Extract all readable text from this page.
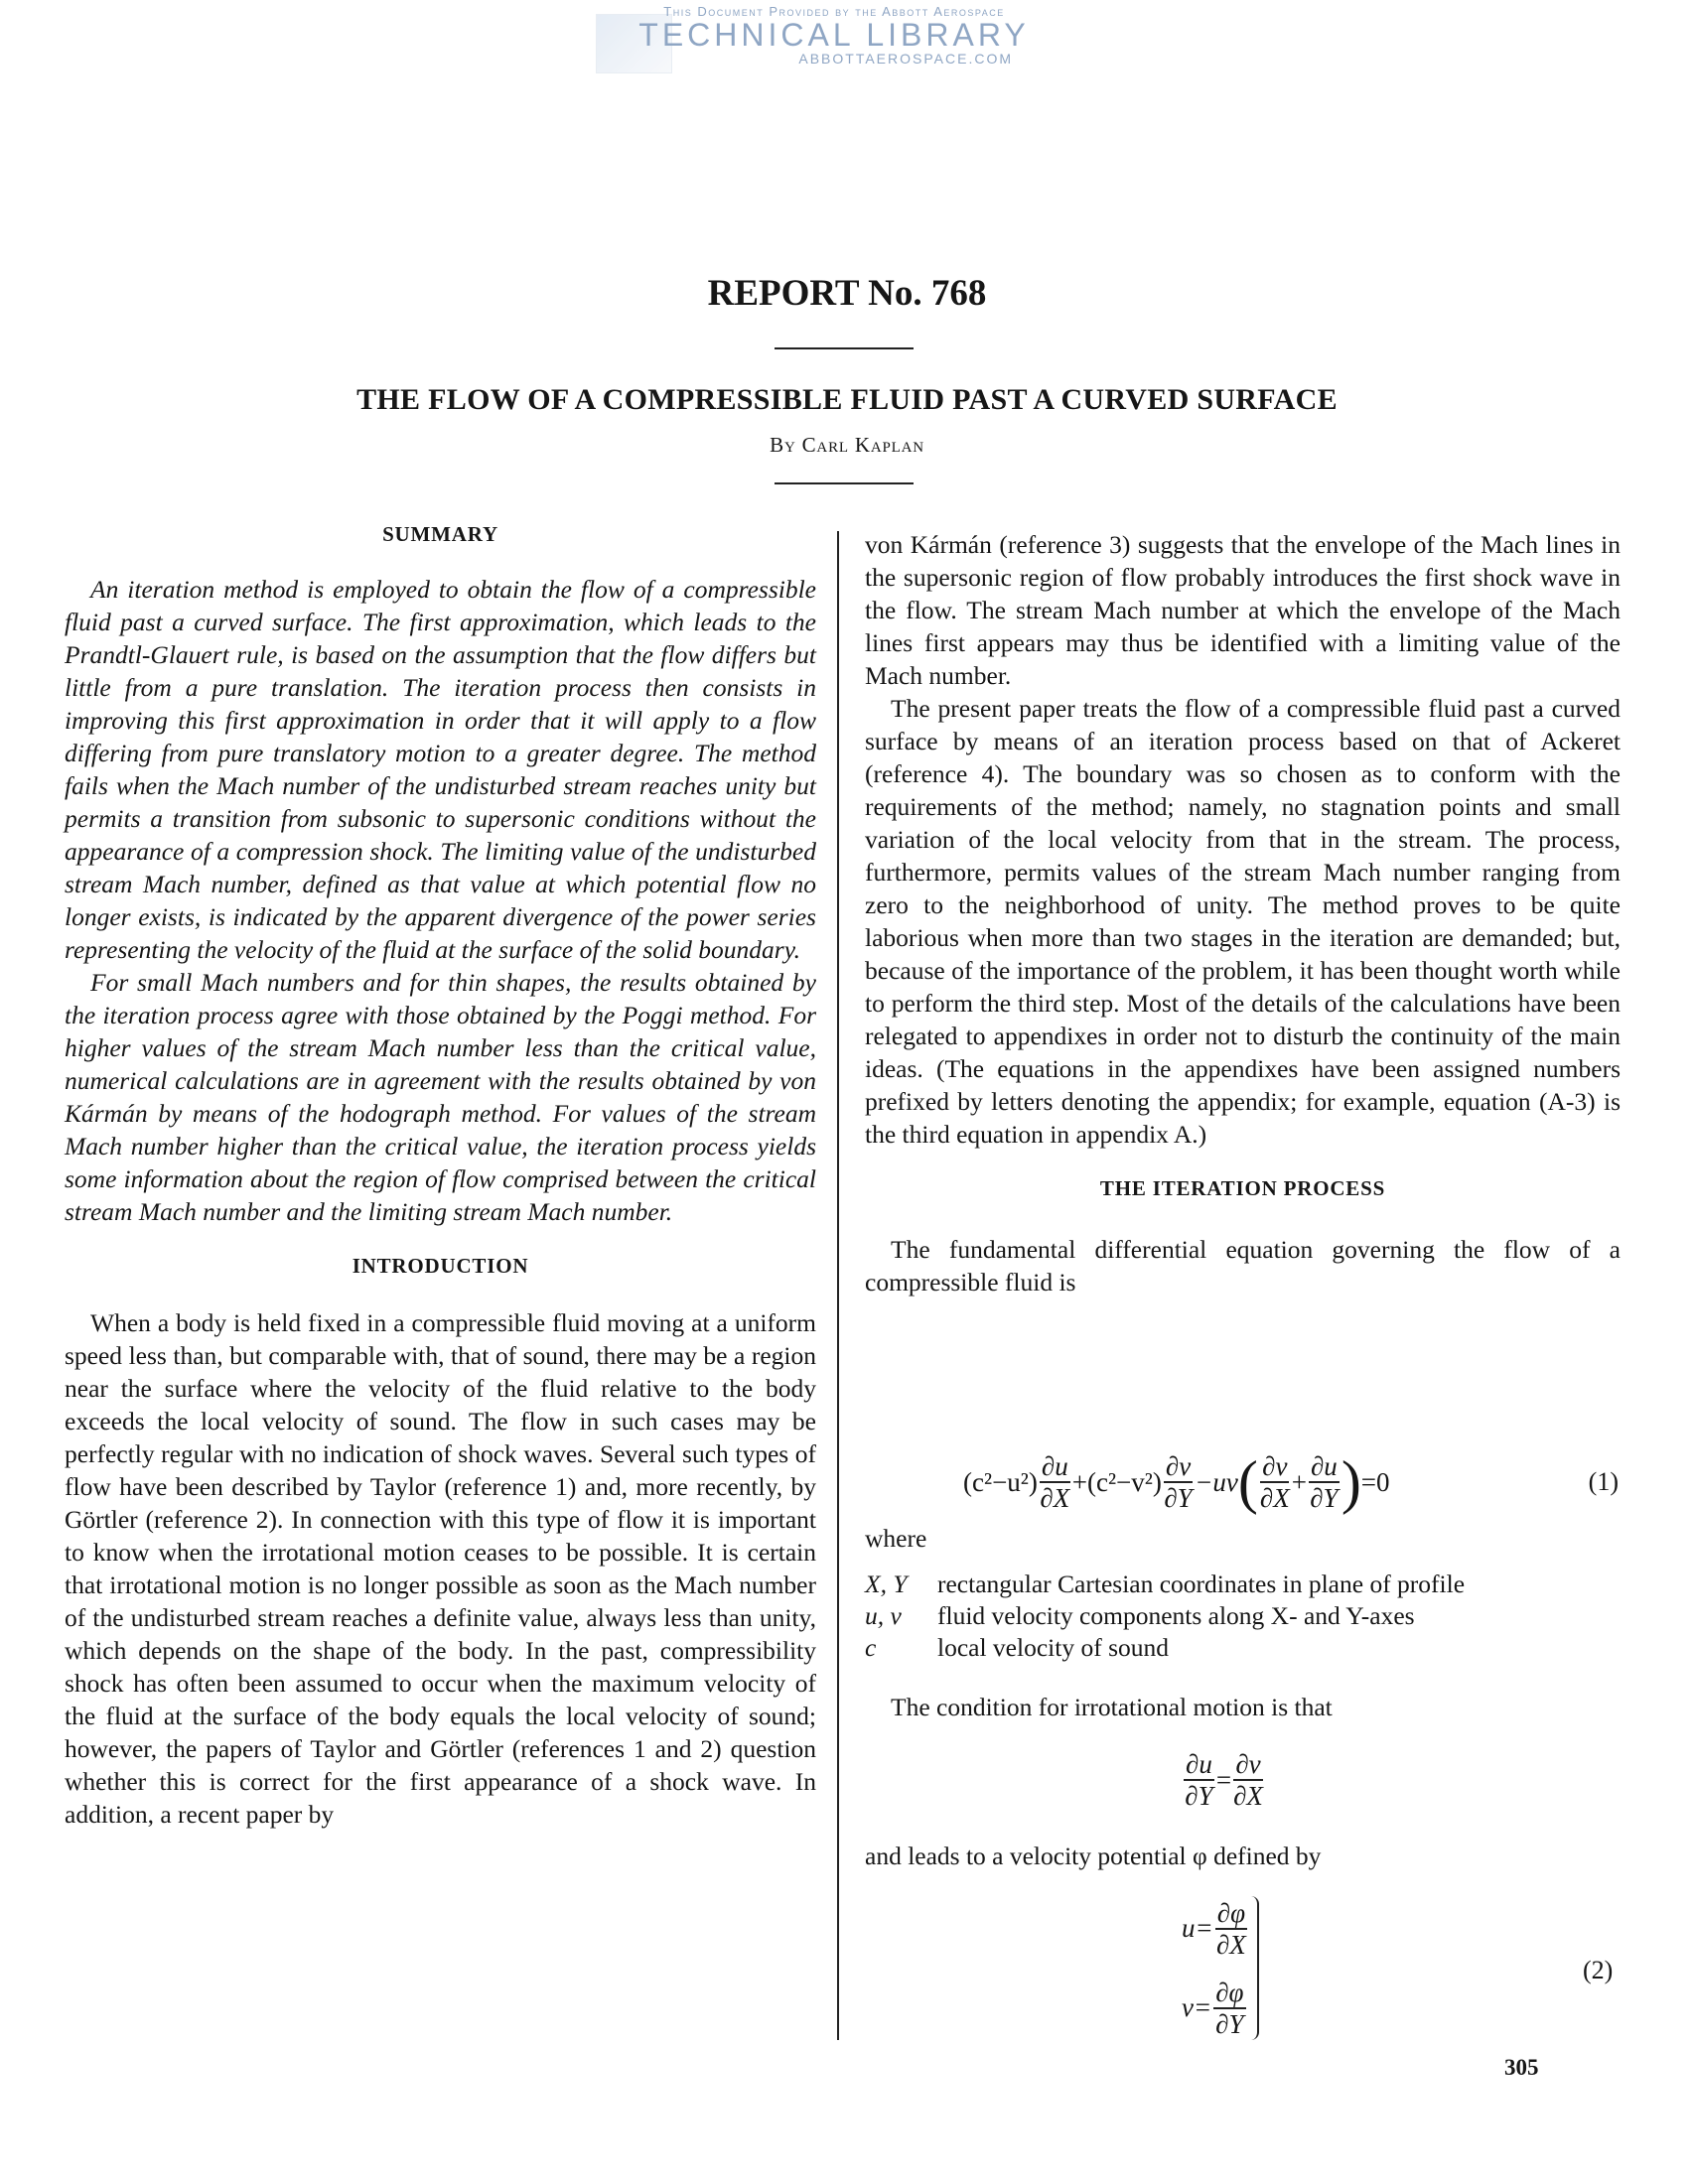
This Document Provided by the Abbott Aerospace
TECHNICAL LIBRARY
ABBOTTAEROSPACE.COM
REPORT No. 768
THE FLOW OF A COMPRESSIBLE FLUID PAST A CURVED SURFACE
By Carl Kaplan
SUMMARY

An iteration method is employed to obtain the flow of a compressible fluid past a curved surface. The first approximation, which leads to the Prandtl-Glauert rule, is based on the assumption that the flow differs but little from a pure translation. The iteration process then consists in improving this first approximation in order that it will apply to a flow differing from pure translatory motion to a greater degree. The method fails when the Mach number of the undisturbed stream reaches unity but permits a transition from subsonic to supersonic conditions without the appearance of a compression shock. The limiting value of the undisturbed stream Mach number, defined as that value at which potential flow no longer exists, is indicated by the apparent divergence of the power series representing the velocity of the fluid at the surface of the solid boundary.

For small Mach numbers and for thin shapes, the results obtained by the iteration process agree with those obtained by the Poggi method. For higher values of the stream Mach number less than the critical value, numerical calculations are in agreement with the results obtained by von Kármán by means of the hodograph method. For values of the stream Mach number higher than the critical value, the iteration process yields some information about the region of flow comprised between the critical stream Mach number and the limiting stream Mach number.

INTRODUCTION

When a body is held fixed in a compressible fluid moving at a uniform speed less than, but comparable with, that of sound, there may be a region near the surface where the velocity of the fluid relative to the body exceeds the local velocity of sound. The flow in such cases may be perfectly regular with no indication of shock waves. Several such types of flow have been described by Taylor (reference 1) and, more recently, by Görtler (reference 2). In connection with this type of flow it is important to know when the irrotational motion ceases to be possible. It is certain that irrotational motion is no longer possible as soon as the Mach number of the undisturbed stream reaches a definite value, always less than unity, which depends on the shape of the body. In the past, compressibility shock has often been assumed to occur when the maximum velocity of the fluid at the surface of the body equals the local velocity of sound; however, the papers of Taylor and Görtler (references 1 and 2) question whether this is correct for the first appearance of a shock wave. In addition, a recent paper by

von Kármán (reference 3) suggests that the envelope of the Mach lines in the supersonic region of flow probably introduces the first shock wave in the flow. The stream Mach number at which the envelope of the Mach lines first appears may thus be identified with a limiting value of the Mach number.

The present paper treats the flow of a compressible fluid past a curved surface by means of an iteration process based on that of Ackeret (reference 4). The boundary was so chosen as to conform with the requirements of the method; namely, no stagnation points and small variation of the local velocity from that in the stream. The process, furthermore, permits values of the stream Mach number ranging from zero to the neighborhood of unity. The method proves to be quite laborious when more than two stages in the iteration are demanded; but, because of the importance of the problem, it has been thought worth while to perform the third step. Most of the details of the calculations have been relegated to appendixes in order not to disturb the continuity of the main ideas. (The equations in the appendixes have been assigned numbers prefixed by letters denoting the appendix; for example, equation (A-3) is the third equation in appendix A.)

THE ITERATION PROCESS

The fundamental differential equation governing the flow of a compressible fluid is

$(c^2-u^2) \frac{\partial u}{\partial X} + (c^2-v^2) \frac{\partial v}{\partial Y} -uv$ ( $\frac{\partial v}{\partial X} + \frac{\partial u}{\partial Y}$ ) =0	(1)
where
X, Y	rectangular Cartesian coordinates in plane of profile
u, v	fluid velocity components along X- and Y-axes
c	local velocity of sound
The condition for irrotational motion is that
$\frac{\partial u}{\partial Y} = \frac{\partial v}{\partial X}$
and leads to a velocity potential φ defined by
$u= \frac{\partial\varphi}{\partial X}$
$v= \frac{\partial\varphi}{\partial Y}$
(2)
305
